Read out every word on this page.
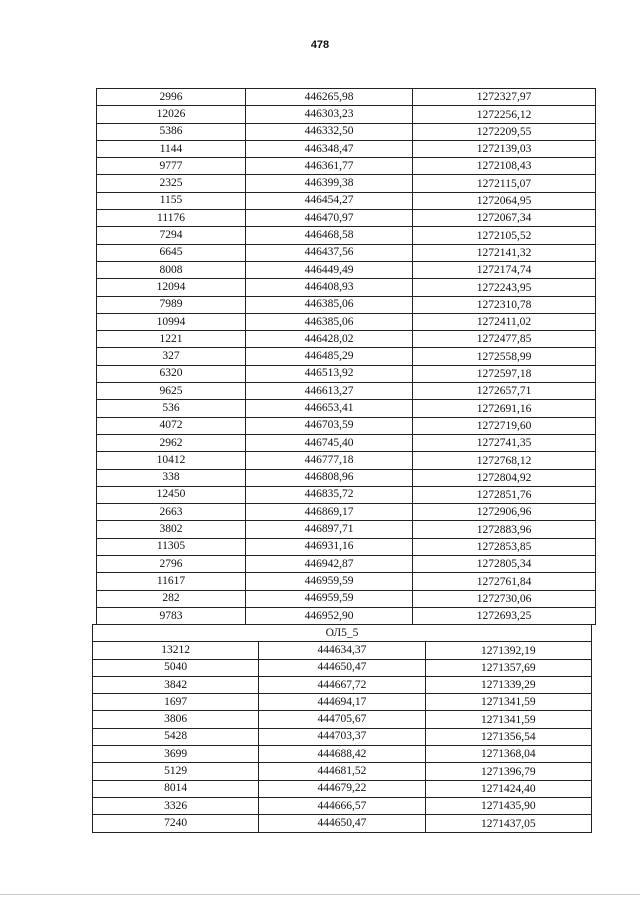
478
2996	446265,98	1272327,97
12026	446303,23	1272256,12
5386	446332,50	1272209,55
1144	446348,47	1272139,03
9777	446361,77	1272108,43
2325	446399,38	1272115,07
1155	446454,27	1272064,95
11176	446470,97	1272067,34
7294	446468,58	1272105,52
6645	446437,56	1272141,32
8008	446449,49	1272174,74
12094	446408,93	1272243,95
7989	446385,06	1272310,78
10994	446385,06	1272411,02
1221	446428,02	1272477,85
327	446485,29	1272558,99
6320	446513,92	1272597,18
9625	446613,27	1272657,71
536	446653,41	1272691,16
4072	446703,59	1272719,60
2962	446745,40	1272741,35
10412	446777,18	1272768,12
338	446808,96	1272804,92
12450	446835,72	1272851,76
2663	446869,17	1272906,96
3802	446897,71	1272883,96
11305	446931,16	1272853,85
2796	446942,87	1272805,34
11617	446959,59	1272761,84
282	446959,59	1272730,06
9783	446952,90	1272693,25
ОЛ5_5		
13212	444634,37	1271392,19
5040	444650,47	1271357,69
3842	444667,72	1271339,29
1697	444694,17	1271341,59
3806	444705,67	1271341,59
5428	444703,37	1271356,54
3699	444688,42	1271368,04
5129	444681,52	1271396,79
8014	444679,22	1271424,40
3326	444666,57	1271435,90
7240	444650,47	1271437,05
